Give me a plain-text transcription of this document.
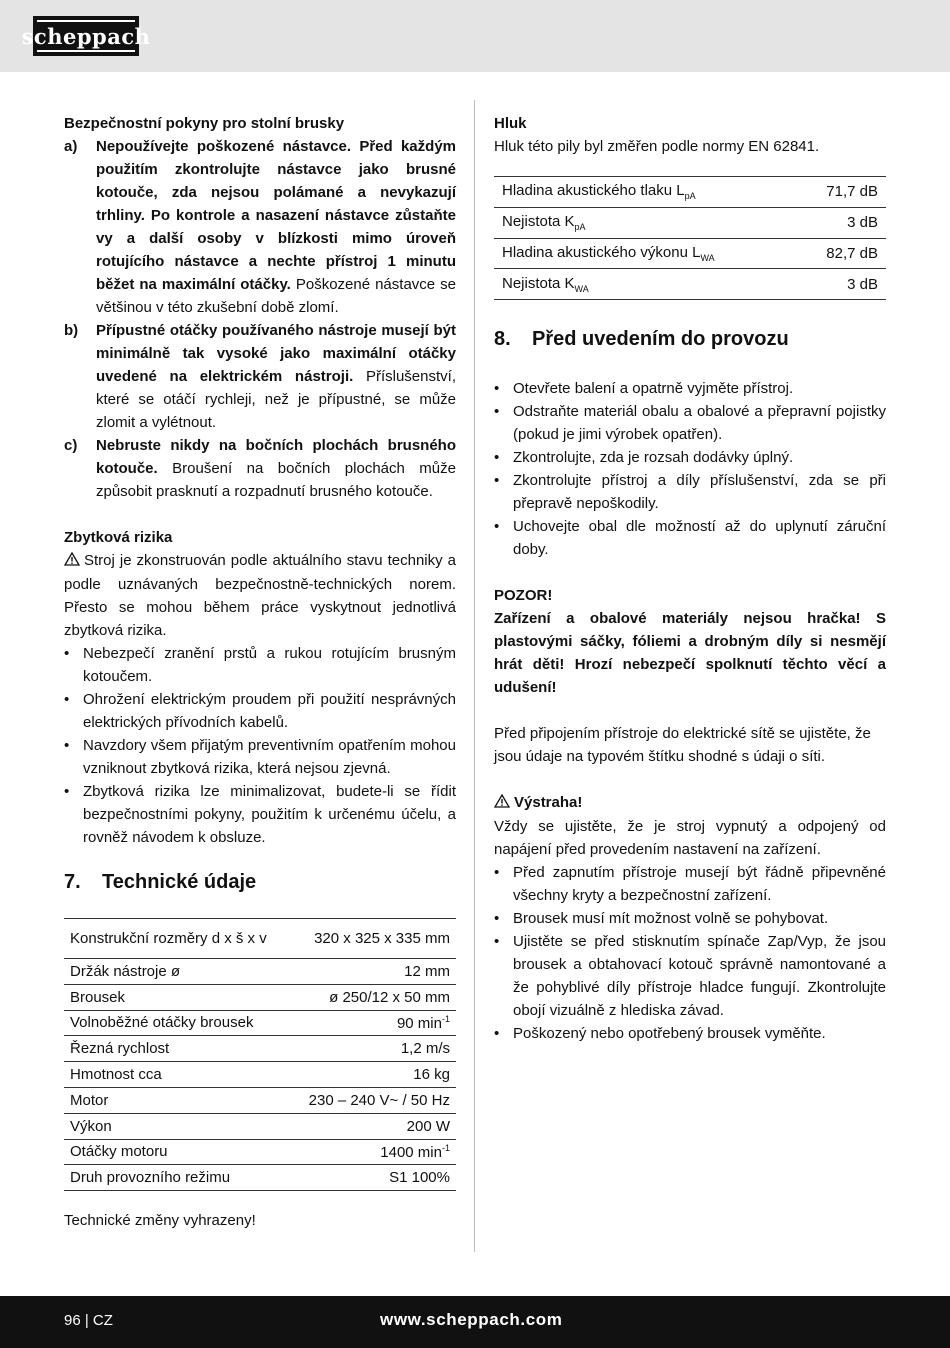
scheppach

Bezpečnostní pokyny pro stolní brusky

a)	Nepoužívejte poškozené nástavce. Před každým použitím zkontrolujte nástavce jako brusné kotouče, zda nejsou polámané a nevykazují trhliny. Po kontrole a nasazení nástavce zůstaňte vy a další osoby v blízkosti mimo úroveň rotujícího nástavce a nechte přístroj 1 minutu běžet na maximální otáčky. Poškozené nástavce se většinou v této zkušební době zlomí.
b)	Přípustné otáčky používaného nástroje musejí být minimálně tak vysoké jako maximální otáčky uvedené na elektrickém nástroji. Příslušenství, které se otáčí rychleji, než je přípustné, se může zlomit a vylétnout.
c)	Nebruste nikdy na bočních plochách brusného kotouče. Broušení na bočních plochách může způsobit prasknutí a rozpadnutí brusného kotouče.

Zbytková rizika

Stroj je zkonstruován podle aktuálního stavu techniky a podle uznávaných bezpečnostně-technických norem. Přesto se mohou během práce vyskytnout jednotlivá zbytková rizika.

• Nebezpečí zranění prstů a rukou rotujícím brusným kotoučem.
• Ohrožení elektrickým proudem při použití nesprávných elektrických přívodních kabelů.
• Navzdory všem přijatým preventivním opatřením mohou vzniknout zbytková rizika, která nejsou zjevná.
• Zbytková rizika lze minimalizovat, budete-li se řídit bezpečnostními pokyny, použitím k určenému účelu, a rovněž návodem k obsluze.
7.	Technické údaje
Konstrukční rozměry d x š x v	320 x 325 x 335 mm
Držák nástroje ø	12 mm
Brousek	ø 250/12 x 50 mm
Volnoběžné otáčky brousek	90 $\min^{-1}$
Řezná rychlost	1,2 m/s
Hmotnost cca	16 kg
Motor	230 – 240 V~ / 50 Hz
Výkon	200 W
Otáčky motoru	1400 $\min^{-1}$
Druh provozního režimu	S1 100%

Technické změny vyhrazeny!

Hluk

Hluk této pily byl změřen podle normy EN 62841.

Hladina akustického tlaku $L_{pA}$	71,7 dB
Nejistota $K_{pA}$	3 dB
Hladina akustického výkonu $L_{WA}$	82,7 dB
Nejistota $K_{WA}$	3 dB
8.	Před uvedením do provozu
• Otevřete balení a opatrně vyjměte přístroj.
• Odstraňte materiál obalu a obalové a přepravní pojistky (pokud je jimi výrobek opatřen).
• Zkontrolujte, zda je rozsah dodávky úplný.
• Zkontrolujte přístroj a díly příslušenství, zda se při přepravě nepoškodily.
• Uchovejte obal dle možností až do uplynutí záruční doby.

POZOR!

Zařízení a obalové materiály nejsou hračka! S plastovými sáčky, fóliemi a drobným díly si nesmějí hrát děti! Hrozí nebezpečí spolknutí těchto věcí a udušení!

Před připojením přístroje do elektrické sítě se ujistěte, že jsou údaje na typovém štítku shodné s údaji o síti.

Výstraha!

Vždy se ujistěte, že je stroj vypnutý a odpojený od napájení před provedením nastavení na zařízení.

• Před zapnutím přístroje musejí být řádně připevněné všechny kryty a bezpečnostní zařízení.
• Brousek musí mít možnost volně se pohybovat.
• Ujistěte se před stisknutím spínače Zap/Vyp, že jsou brousek a obtahovací kotouč správně namontované a že pohyblivé díly přístroje hladce fungují. Zkontrolujte obojí vizuálně z hlediska závad.
• Poškozený nebo opotřebený brousek vyměňte.
96 | CZ	www.scheppach.com
